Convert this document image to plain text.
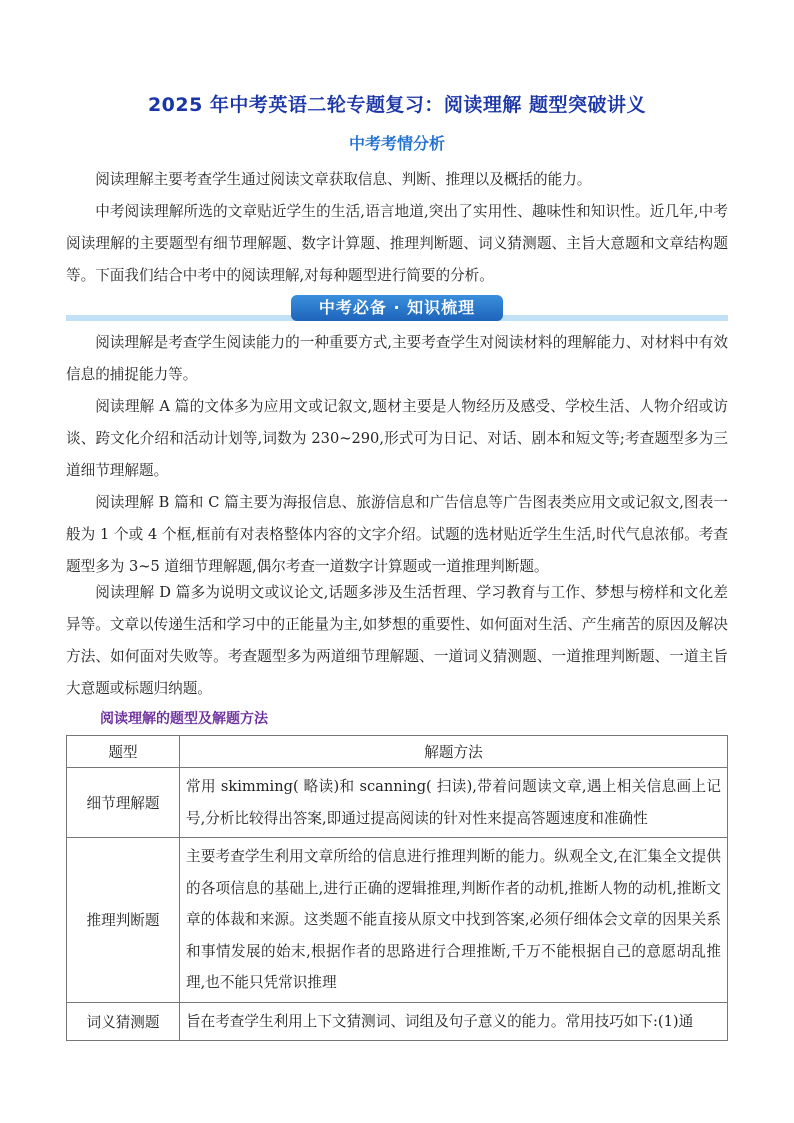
2025 年中考英语二轮专题复习：阅读理解 题型突破讲义
中考考情分析

阅读理解主要考查学生通过阅读文章获取信息、判断、推理以及概括的能力。

中考阅读理解所选的文章贴近学生的生活,语言地道,突出了实用性、趣味性和知识性。近几年,中考阅读理解的主要题型有细节理解题、数字计算题、推理判断题、词义猜测题、主旨大意题和文章结构题等。下面我们结合中考中的阅读理解,对每种题型进行简要的分析。

中考必备 · 知识梳理

阅读理解是考查学生阅读能力的一种重要方式,主要考查学生对阅读材料的理解能力、对材料中有效信息的捕捉能力等。

阅读理解 A 篇的文体多为应用文或记叙文,题材主要是人物经历及感受、学校生活、人物介绍或访谈、跨文化介绍和活动计划等,词数为 230~290,形式可为日记、对话、剧本和短文等;考查题型多为三道细节理解题。

阅读理解 B 篇和 C 篇主要为海报信息、旅游信息和广告信息等广告图表类应用文或记叙文,图表一般为 1 个或 4 个框,框前有对表格整体内容的文字介绍。试题的选材贴近学生生活,时代气息浓郁。考查题型多为 3~5 道细节理解题,偶尔考查一道数字计算题或一道推理判断题。

阅读理解 D 篇多为说明文或议论文,话题多涉及生活哲理、学习教育与工作、梦想与榜样和文化差异等。文章以传递生活和学习中的正能量为主,如梦想的重要性、如何面对生活、产生痛苦的原因及解决方法、如何面对失败等。考查题型多为两道细节理解题、一道词义猜测题、一道推理判断题、一道主旨大意题或标题归纳题。

阅读理解的题型及解题方法
题型	解题方法
细节理解题	常用 skimming( 略读)和 scanning( 扫读),带着问题读文章,遇上相关信息画上记号,分析比较得出答案,即通过提高阅读的针对性来提高答题速度和准确性
推理判断题	主要考查学生利用文章所给的信息进行推理判断的能力。纵观全文,在汇集全文提供的各项信息的基础上,进行正确的逻辑推理,判断作者的动机,推断人物的动机,推断文章的体裁和来源。这类题不能直接从原文中找到答案,必须仔细体会文章的因果关系和事情发展的始末,根据作者的思路进行合理推断,千万不能根据自己的意愿胡乱推理,也不能只凭常识推理
词义猜测题	旨在考查学生利用上下文猜测词、词组及句子意义的能力。常用技巧如下:(1)通
